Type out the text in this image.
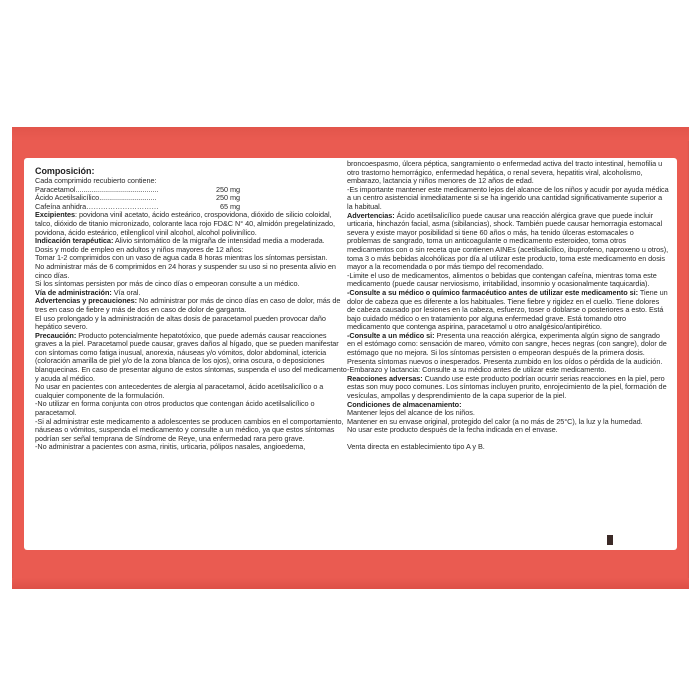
Composición:

Cada comprimido recubierto contiene:

Paracetamol..........................................	250 mg
Ácido Acetilsalicílico.............................	250 mg
Cafeína anhidra…………………………	65 mg

Excipientes: povidona vinil acetato, ácido esteárico, crospovidona, dióxido de silicio coloidal, talco, dióxido de titanio micronizado, colorante laca rojo FD&C N° 40, almidón pregelatinizado, povidona, ácido esteárico, etilenglicol vinil alcohol, alcohol polivinílico.

Indicación terapéutica: Alivio sintomático de la migraña de intensidad media a moderada.

Dosis y modo de empleo en adultos y niños mayores de 12 años:

Tomar 1-2 comprimidos con un vaso de agua cada 8 horas mientras los síntomas persistan.

No administrar más de 6 comprimidos en 24 horas y suspender su uso si no presenta alivio en cinco días.

Si los síntomas persisten por más de cinco días o empeoran consulte a un médico.

Vía de administración: Vía oral.

Advertencias y precauciones: No administrar por más de cinco días en caso de dolor, más de tres en caso de fiebre y más de dos en caso de dolor de garganta.

El uso prolongado y la administración de altas dosis de paracetamol pueden provocar daño hepático severo.

Precaución: Producto potencialmente hepatotóxico, que puede además causar reacciones graves a la piel. Paracetamol puede causar, graves daños al hígado, que se pueden manifestar con síntomas como fatiga inusual, anorexia, náuseas y/o vómitos, dolor abdominal, ictericia (coloración amarilla de piel y/o de la zona blanca de los ojos), orina oscura, o deposiciones blanquecinas. En caso de presentar alguno de estos síntomas, suspenda el uso del medicamento y acuda al médico.

No usar en pacientes con antecedentes de alergia al paracetamol, ácido acetilsalicílico o a cualquier componente de la formulación.

-No utilizar en forma conjunta con otros productos que contengan ácido acetilsalicílico o paracetamol.

-Si al administrar este medicamento a adolescentes se producen cambios en el comportamiento, náuseas o vómitos, suspenda el medicamento y consulte a un médico, ya que estos síntomas podrían ser señal temprana de Síndrome de Reye, una enfermedad rara pero grave.

-No administrar a pacientes con asma, rinitis, urticaria, pólipos nasales, angioedema,

broncoespasmo, úlcera péptica, sangramiento o enfermedad activa del tracto intestinal, hemofilia u otro trastorno hemorrágico, enfermedad hepática, o renal severa, hepatitis viral, alcoholismo, embarazo, lactancia y niños menores de 12 años de edad.

-Es importante mantener este medicamento lejos del alcance de los niños y acudir por ayuda médica a un centro asistencial inmediatamente si se ha ingerido una cantidad significativamente superior a la habitual.

Advertencias: Ácido acetilsalicílico puede causar una reacción alérgica grave que puede incluir urticaria, hinchazón facial, asma (sibilancias), shock. También puede causar hemorragia estomacal severa y existe mayor posibilidad si tiene 60 años o más, ha tenido úlceras estomacales o problemas de sangrado, toma un anticoagulante o medicamento esteroideo, toma otros medicamentos con o sin receta que contienen AINEs (acetilsalicílico, ibuprofeno, naproxeno u otros), toma 3 o más bebidas alcohólicas por día al utilizar este producto, toma este medicamento en dosis mayor a la recomendada o por más tiempo del recomendado.

-Limite el uso de medicamentos, alimentos o bebidas que contengan cafeína, mientras toma este medicamento (puede causar nerviosismo, irritabilidad, insomnio y ocasionalmente taquicardia).

-Consulte a su médico o químico farmacéutico antes de utilizar este medicamento si: Tiene un dolor de cabeza que es diferente a los habituales. Tiene fiebre y rigidez en el cuello. Tiene dolores de cabeza causado por lesiones en la cabeza, esfuerzo, toser o doblarse o posteriores a esto. Está bajo cuidado médico o en tratamiento por alguna enfermedad grave. Está tomando otro medicamento que contenga aspirina, paracetamol u otro analgésico/antipirético.

-Consulte a un médico si: Presenta una reacción alérgica, experimenta algún signo de sangrado en el estómago como: sensación de mareo, vómito con sangre, heces negras (con sangre), dolor de estómago que no mejora. Si los síntomas persisten o empeoran después de la primera dosis. Presenta síntomas nuevos o inesperados. Presenta zumbido en los oídos o pérdida de la audición.

-Embarazo y lactancia: Consulte a su médico antes de utilizar este medicamento.

Reacciones adversas: Cuando use este producto podrían ocurrir serias reacciones en la piel, pero estas son muy poco comunes. Los síntomas incluyen prurito, enrojecimiento de la piel, formación de vesículas, ampollas y desprendimiento de la capa superior de la piel.

Condiciones de almacenamiento:

Mantener lejos del alcance de los niños.

Mantener en su envase original, protegido del calor (a no más de 25°C), la luz y la humedad.

No usar este producto después de la fecha indicada en el envase.

Venta directa en establecimiento tipo A y B.
